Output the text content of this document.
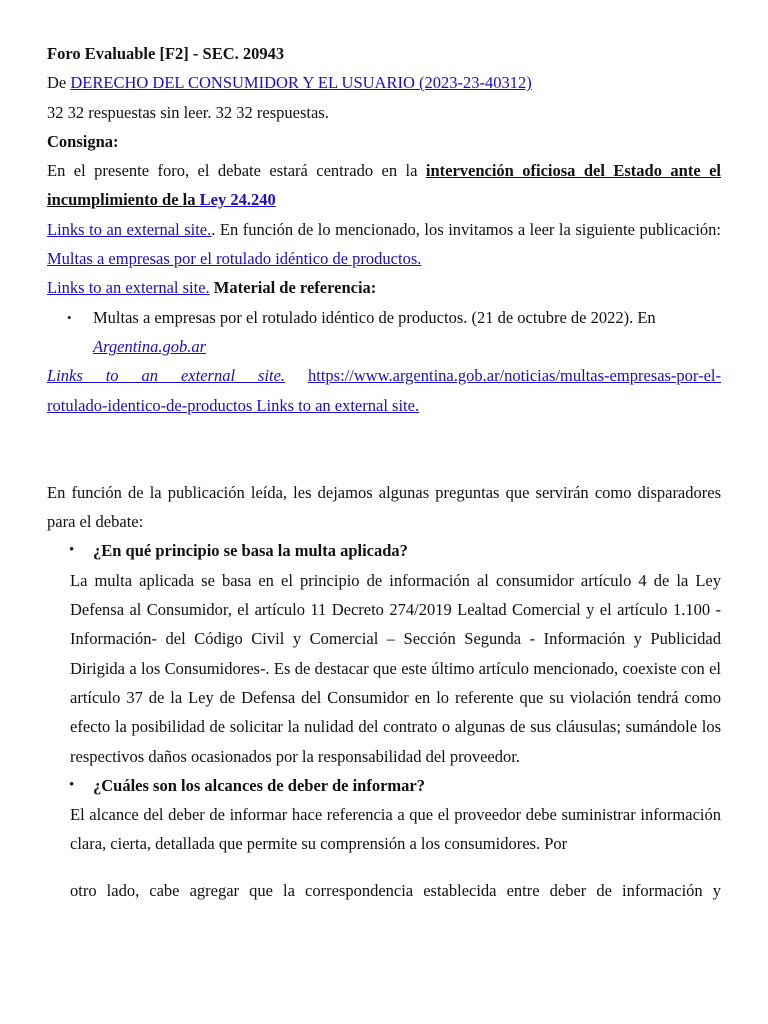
Foro Evaluable [F2] - SEC. 20943

De DERECHO DEL CONSUMIDOR Y EL USUARIO (2023-23-40312)

32 32 respuestas sin leer. 32 32 respuestas.

Consigna:

En el presente foro, el debate estará centrado en la intervención oficiosa del Estado ante el incumplimiento de la Ley 24.240
Links to an external site.. En función de lo mencionado, los invitamos a leer la siguiente publicación: Multas a empresas por el rotulado idéntico de productos.
Links to an external site. Material de referencia:

• Multas a empresas por el rotulado idéntico de productos. (21 de octubre de 2022). En Argentina.gob.ar

Links to an external site. https://www.argentina.gob.ar/noticias/multas-empresas-por-el-

rotulado-identico-de-productos Links to an external site.

En función de la publicación leída, les dejamos algunas preguntas que servirán como disparadores para el debate:

• ¿En qué principio se basa la multa aplicada?

La multa aplicada se basa en el principio de información al consumidor artículo 4 de la Ley Defensa al Consumidor, el artículo 11 Decreto 274/2019 Lealtad Comercial y el artículo 1.100 -Información- del Código Civil y Comercial – Sección Segunda - Información y Publicidad Dirigida a los Consumidores-. Es de destacar que este último artículo mencionado, coexiste con el artículo 37 de la Ley de Defensa del Consumidor en lo referente que su violación tendrá como efecto la posibilidad de solicitar la nulidad del contrato o algunas de sus cláusulas; sumándole los respectivos daños ocasionados por la responsabilidad del proveedor.

• ¿Cuáles son los alcances de deber de informar?

El alcance del deber de informar hace referencia a que el proveedor debe suministrar información clara, cierta, detallada que permite su comprensión a los consumidores. Por

otro lado, cabe agregar que la correspondencia establecida entre deber de información y
